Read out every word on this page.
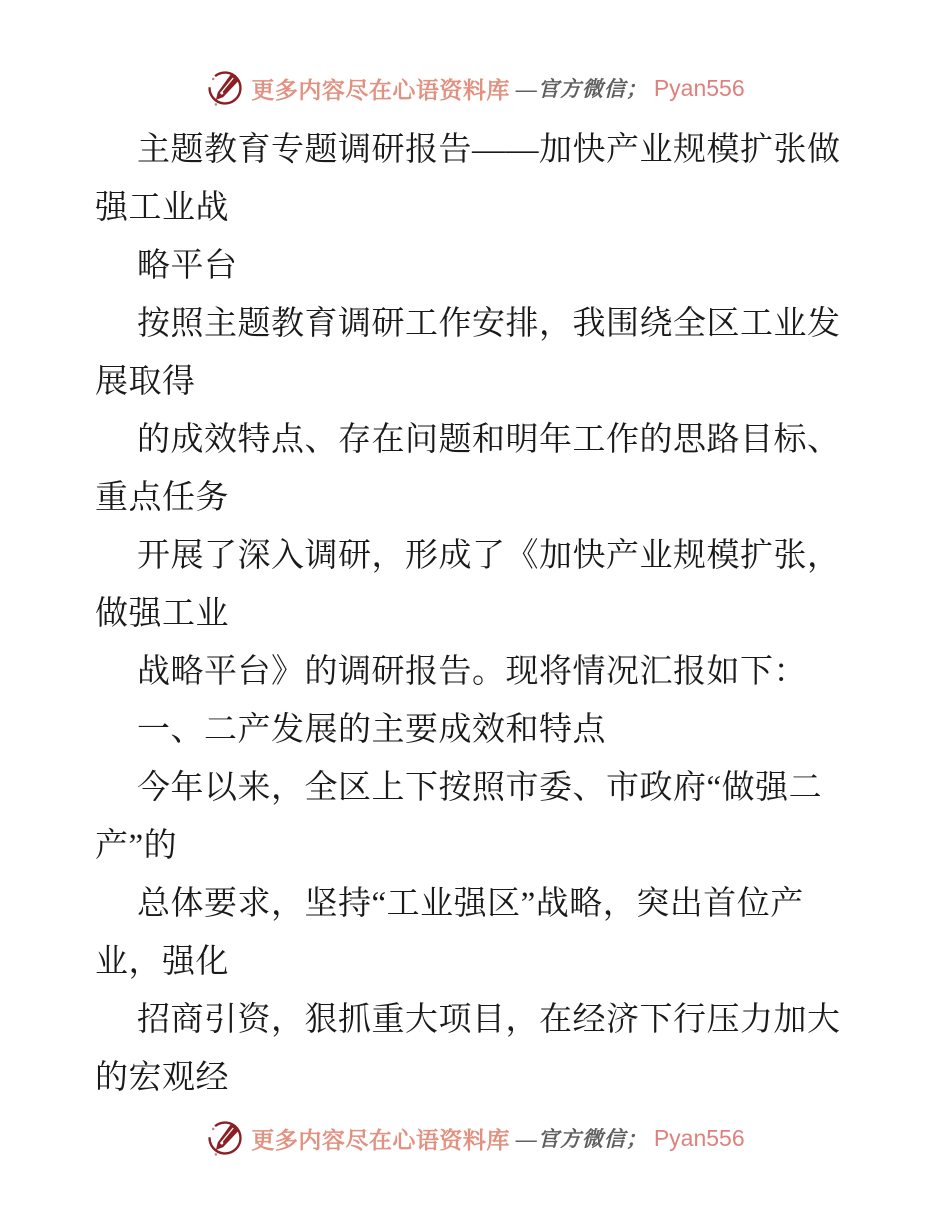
更多内容尽在心语资料库 —官方微信； Pyan556
主题教育专题调研报告——加快产业规模扩张做
强工业战
略平台
按照主题教育调研工作安排，我围绕全区工业发
展取得
的成效特点、存在问题和明年工作的思路目标、
重点任务
开展了深入调研，形成了《加快产业规模扩张，
做强工业
战略平台》的调研报告。现将情况汇报如下：
一、二产发展的主要成效和特点
今年以来，全区上下按照市委、市政府“做强二
产”的
总体要求，坚持“工业强区”战略，突出首位产
业，强化
招商引资，狠抓重大项目，在经济下行压力加大
的宏观经
更多内容尽在心语资料库 —官方微信； Pyan556
